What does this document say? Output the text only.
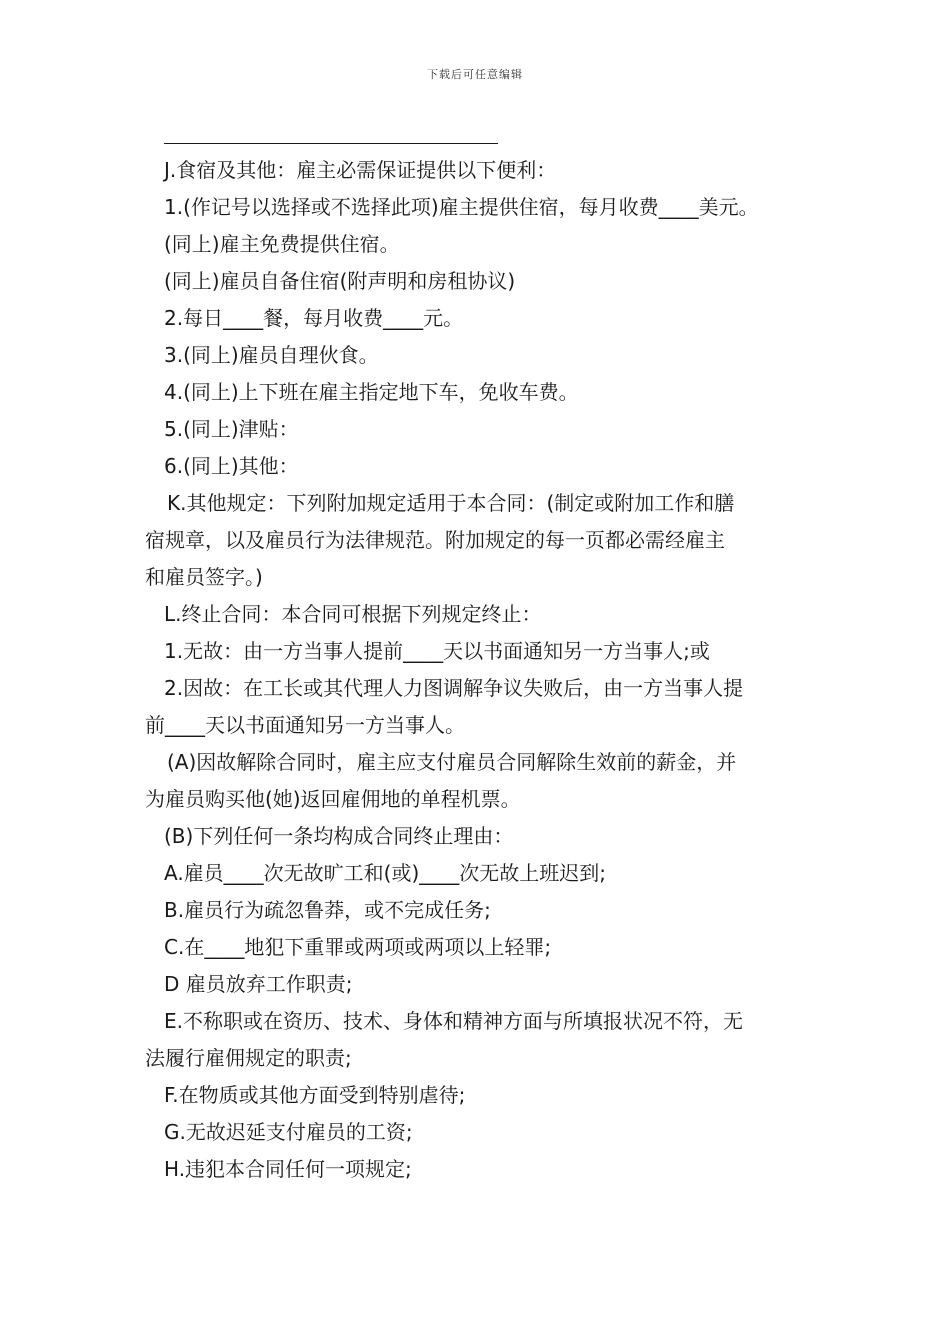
下载后可任意编辑
J.食宿及其他：雇主必需保证提供以下便利：
1.(作记号以选择或不选择此项)雇主提供住宿，每月收费____美元。
(同上)雇主免费提供住宿。
(同上)雇员自备住宿(附声明和房租协议)
2.每日____餐，每月收费____元。
3.(同上)雇员自理伙食。
4.(同上)上下班在雇主指定地下车，免收车费。
5.(同上)津贴：
6.(同上)其他：
K.其他规定：下列附加规定适用于本合同：(制定或附加工作和膳
宿规章，以及雇员行为法律规范。附加规定的每一页都必需经雇主
和雇员签字。)
L.终止合同：本合同可根据下列规定终止：
1.无故：由一方当事人提前____天以书面通知另一方当事人;或
2.因故：在工长或其代理人力图调解争议失败后，由一方当事人提
前____天以书面通知另一方当事人。
(A)因故解除合同时，雇主应支付雇员合同解除生效前的薪金，并
为雇员购买他(她)返回雇佣地的单程机票。
(B)下列任何一条均构成合同终止理由：
A.雇员____次无故旷工和(或)____次无故上班迟到;
B.雇员行为疏忽鲁莽，或不完成任务;
C.在____地犯下重罪或两项或两项以上轻罪;
D 雇员放弃工作职责;
E.不称职或在资历、技术、身体和精神方面与所填报状况不符，无
法履行雇佣规定的职责;
F.在物质或其他方面受到特别虐待;
G.无故迟延支付雇员的工资;
H.违犯本合同任何一项规定;
